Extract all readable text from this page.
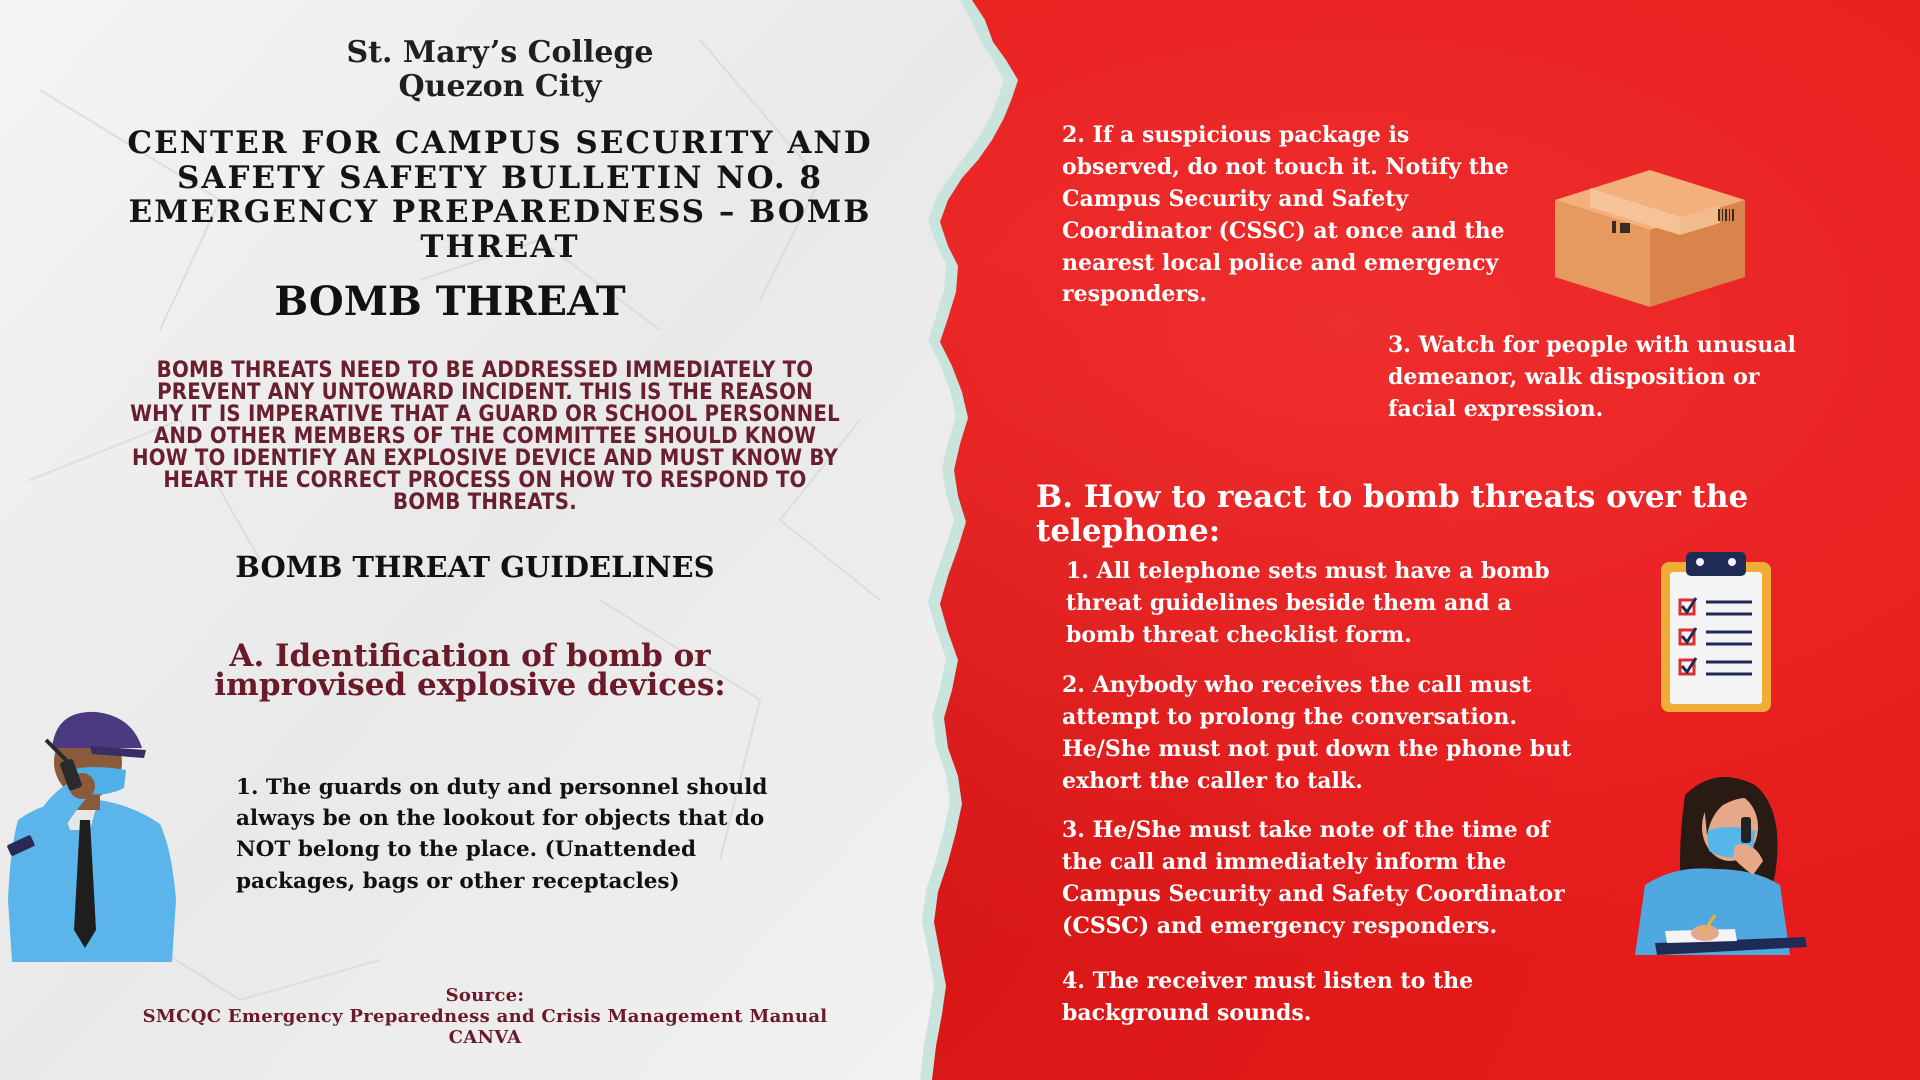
St. Mary’s College

Quezon City

CENTER FOR CAMPUS SECURITY AND SAFETY SAFETY BULLETIN NO. 8 EMERGENCY PREPAREDNESS – BOMB THREAT

BOMB THREAT

BOMB THREATS NEED TO BE ADDRESSED IMMEDIATELY TO PREVENT ANY UNTOWARD INCIDENT. THIS IS THE REASON WHY IT IS IMPERATIVE THAT A GUARD OR SCHOOL PERSONNEL AND OTHER MEMBERS OF THE COMMITTEE SHOULD KNOW HOW TO IDENTIFY AN EXPLOSIVE DEVICE AND MUST KNOW BY HEART THE CORRECT PROCESS ON HOW TO RESPOND TO BOMB THREATS.

BOMB THREAT GUIDELINES

A. Identification of bomb or improvised explosive devices:

1. The guards on duty and personnel should always be on the lookout for objects that do NOT belong to the place. (Unattended packages, bags or other receptacles)

Source:
SMCQC Emergency Preparedness and Crisis Management Manual
CANVA

2. If a suspicious package is observed, do not touch it. Notify the Campus Security and Safety Coordinator (CSSC) at once and the nearest local police and emergency responders.

3. Watch for people with unusual demeanor, walk disposition or facial expression.

B. How to react to bomb threats over the telephone:

1. All telephone sets must have a bomb threat guidelines beside them and a bomb threat checklist form.

2. Anybody who receives the call must attempt to prolong the conversation. He/She must not put down the phone but exhort the caller to talk.

3. He/She must take note of the time of the call and immediately inform the Campus Security and Safety Coordinator (CSSC) and emergency responders.

4. The receiver must listen to the background sounds.
